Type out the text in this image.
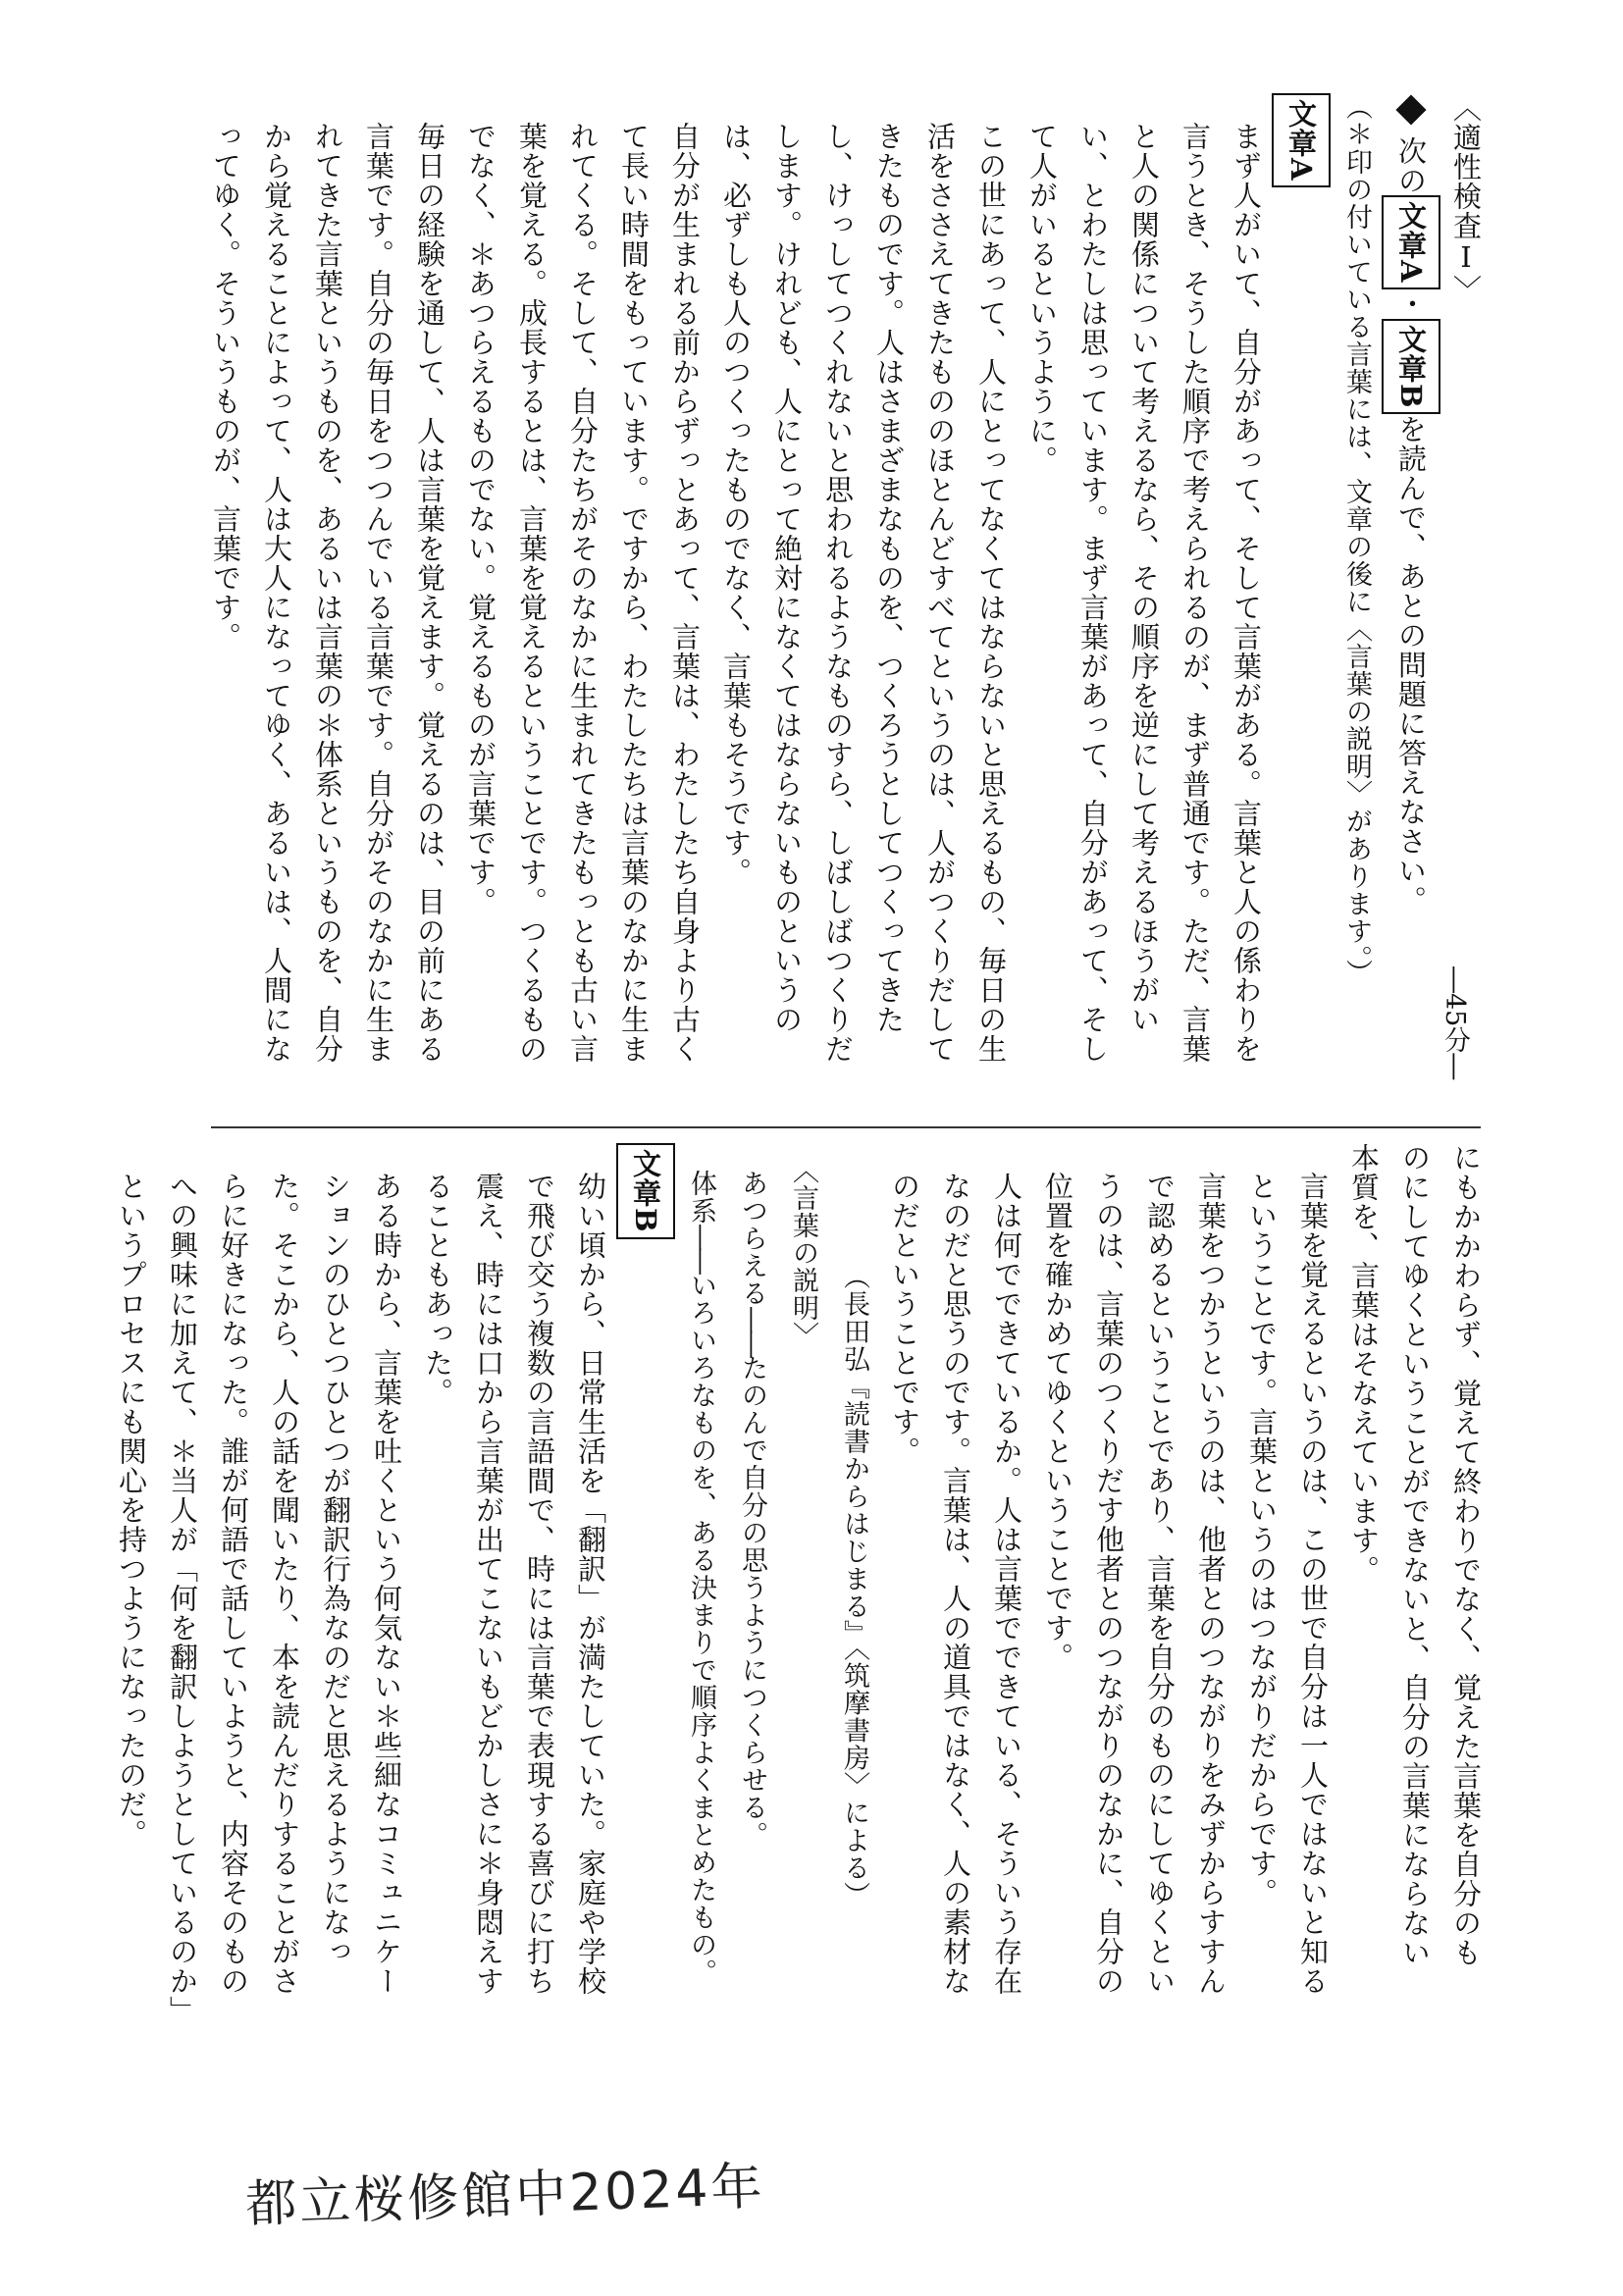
―45分―

〈適性検査Ⅰ〉

次の文章A・文章Bを読んで、あとの問題に答えなさい。

（＊印の付いている言葉には、文章の後に〈言葉の説明〉があります。）

文章A

まず人がいて、自分があって、そして言葉がある。言葉と人の係わりを言うとき、そうした順序で考えられるのが、まず普通です。ただ、言葉と人の関係について考えるなら、その順序を逆にして考えるほうがいい、とわたしは思っています。まず言葉があって、自分があって、そして人がいるというように。

この世にあって、人にとってなくてはならないと思えるもの、毎日の生活をささえてきたもののほとんどすべてというのは、人がつくりだしてきたものです。人はさまざまなものを、つくろうとしてつくってきたし、けっしてつくれないと思われるようなものすら、しばしばつくりだします。けれども、人にとって絶対になくてはならないものというのは、必ずしも人のつくったものでなく、言葉もそうです。

自分が生まれる前からずっとあって、言葉は、わたしたち自身より古くて長い時間をもっています。ですから、わたしたちは言葉のなかに生まれてくる。そして、自分たちがそのなかに生まれてきたもっとも古い言葉を覚える。成長するとは、言葉を覚えるということです。つくるものでなく、＊あつらえるものでない。覚えるものが言葉です。

毎日の経験を通して、人は言葉を覚えます。覚えるのは、目の前にある言葉です。自分の毎日をつつんでいる言葉です。自分がそのなかに生まれてきた言葉というものを、あるいは言葉の＊体系というものを、自分から覚えることによって、人は大人になってゆく、あるいは、人間になってゆく。そういうものが、言葉です。

にもかかわらず、覚えて終わりでなく、覚えた言葉を自分のものにしてゆくということができないと、自分の言葉にならない本質を、言葉はそなえています。

言葉を覚えるというのは、この世で自分は一人ではないと知るということです。言葉というのはつながりだからです。

言葉をつかうというのは、他者とのつながりをみずからすすんで認めるということであり、言葉を自分のものにしてゆくというのは、言葉のつくりだす他者とのつながりのなかに、自分の位置を確かめてゆくということです。

人は何でできているか。人は言葉でできている、そういう存在なのだと思うのです。言葉は、人の道具ではなく、人の素材なのだということです。

（長田弘『読書からはじまる』〈筑摩書房〉による）

〈言葉の説明〉

あつらえる――たのんで自分の思うようにつくらせる。

体系――いろいろなものを、ある決まりで順序よくまとめたもの。

文章B

幼い頃から、日常生活を「翻訳」が満たしていた。家庭や学校で飛び交う複数の言語間で、時には言葉で表現する喜びに打ち震え、時には口から言葉が出てこないもどかしさに＊身悶えすることもあった。

ある時から、言葉を吐くという何気ない＊些細なコミュニケーションのひとつひとつが翻訳行為なのだと思えるようになった。そこから、人の話を聞いたり、本を読んだりすることがさらに好きになった。誰が何語で話していようと、内容そのものへの興味に加えて、＊当人が「何を翻訳しようとしているのか」というプロセスにも関心を持つようになったのだ。

都立桜修館中2024年
